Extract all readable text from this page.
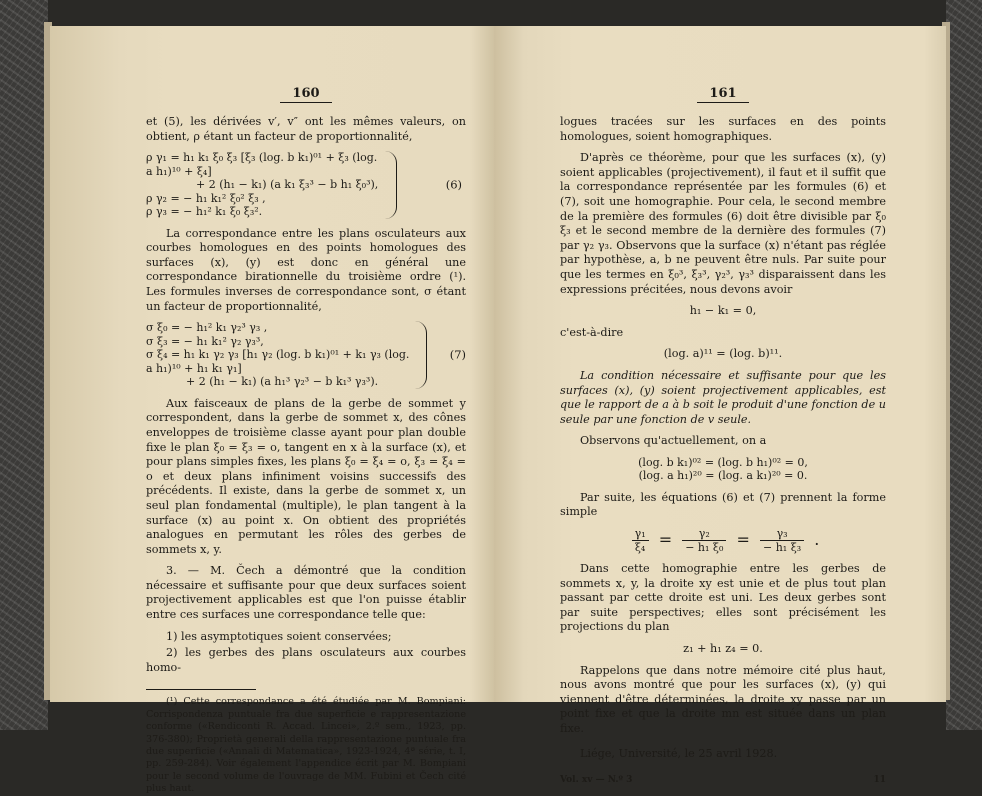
160

et (5), les dérivées v′, v″ ont les mêmes valeurs, on obtient, ρ étant un facteur de proportionnalité,

ρ γ₁ = h₁ k₁ ξ₀ ξ₃ [ξ₃ (log. b k₁)⁰¹ + ξ₃ (log. a h₁)¹⁰ + ξ₄]
+ 2 (h₁ − k₁) (a k₁ ξ₃³ − b h₁ ξ₀³),
ρ γ₂ = − h₁ k₁² ξ₀² ξ₃ ,
ρ γ₃ = − h₁² k₁ ξ₀ ξ₃².
(6)

La correspondance entre les plans osculateurs aux courbes homologues en des points homologues des surfaces (x), (y) est donc en général une correspondance birationnelle du troisième ordre (¹). Les formules inverses de correspondance sont, σ étant un facteur de proportionnalité,

σ ξ₀ = − h₁² k₁ γ₂³ γ₃ ,
σ ξ₃ = − h₁ k₁² γ₂ γ₃³,
σ ξ₄ = h₁ k₁ γ₂ γ₃ [h₁ γ₂ (log. b k₁)⁰¹ + k₁ γ₃ (log. a h₁)¹⁰ + h₁ k₁ γ₁]
+ 2 (h₁ − k₁) (a h₁³ γ₂³ − b k₁³ γ₃³).
(7)

Aux faisceaux de plans de la gerbe de sommet y correspondent, dans la gerbe de sommet x, des cônes enveloppes de troisième classe ayant pour plan double fixe le plan ξ₀ = ξ₃ = o, tangent en x à la surface (x), et pour plans simples fixes, les plans ξ₀ = ξ₄ = o, ξ₃ = ξ₄ = o et deux plans infiniment voisins successifs des précédents. Il existe, dans la gerbe de sommet x, un seul plan fondamental (multiple), le plan tangent à la surface (x) au point x. On obtient des propriétés analogues en permutant les rôles des gerbes de sommets x, y.

3. — M. Čech a démontré que la condition nécessaire et suffisante pour que deux surfaces soient projectivement applicables est que l'on puisse établir entre ces surfaces une correspondance telle que:

1) les asymptotiques soient conservées;

2) les gerbes des plans osculateurs aux courbes homo-

(¹) Cette correspondance a été étudiée par M. Bompiani: Corrispondenza puntuale fra due superficie e rappresentazione conforme («Rendiconti R. Accad. Lincei», 2.º sem., 1923, pp. 376-380); Proprietà generali della rappresentazione puntuale fra due superficie («Annali di Matematica», 1923-1924, 4ª série, t. I, pp. 259-284). Voir également l'appendice écrit par M. Bompiani pour le second volume de l'ouvrage de MM. Fubini et Čech cité plus haut.

161

logues tracées sur les surfaces en des points homologues, soient homographiques.

D'après ce théorème, pour que les surfaces (x), (y) soient applicables (projectivement), il faut et il suffit que la correspondance représentée par les formules (6) et (7), soit une homographie. Pour cela, le second membre de la première des formules (6) doit être divisible par ξ₀ ξ₃ et le second membre de la dernière des formules (7) par γ₂ γ₃. Observons que la surface (x) n'étant pas réglée par hypothèse, a, b ne peuvent être nuls. Par suite pour que les termes en ξ₀³, ξ₃³, γ₂³, γ₃³ disparaissent dans les expressions précitées, nous devons avoir

h₁ − k₁ = 0,

c'est-à-dire

(log. a)¹¹ = (log. b)¹¹.

La condition nécessaire et suffisante pour que les surfaces (x), (y) soient projectivement applicables, est que le rapport de a à b soit le produit d'une fonction de u seule par une fonction de v seule.

Observons qu'actuellement, on a

(log. b k₁)⁰² = (log. b h₁)⁰² = 0,
(log. a h₁)²⁰ = (log. a k₁)²⁰ = 0.

Par suite, les équations (6) et (7) prennent la forme simple

$\frac{\text{γ₁}}{\text{ξ₄}} = \frac{\text{γ₂}}{\text{− h₁ ξ₀}} = \frac{\text{γ₃}}{\text{− h₁ ξ₃}}$ .

Dans cette homographie entre les gerbes de sommets x, y, la droite xy est unie et de plus tout plan passant par cette droite est uni. Les deux gerbes sont par suite perspectives; elles sont précisément les projections du plan

z₁ + h₁ z₄ = 0.

Rappelons que dans notre mémoire cité plus haut, nous avons montré que pour les surfaces (x), (y) qui viennent d'être déterminées, la droite xy passe par un point fixe et que la droite mn est située dans un plan fixe.

Liége, Université, le 25 avril 1928.

Vol. xv — N.º 3	11
